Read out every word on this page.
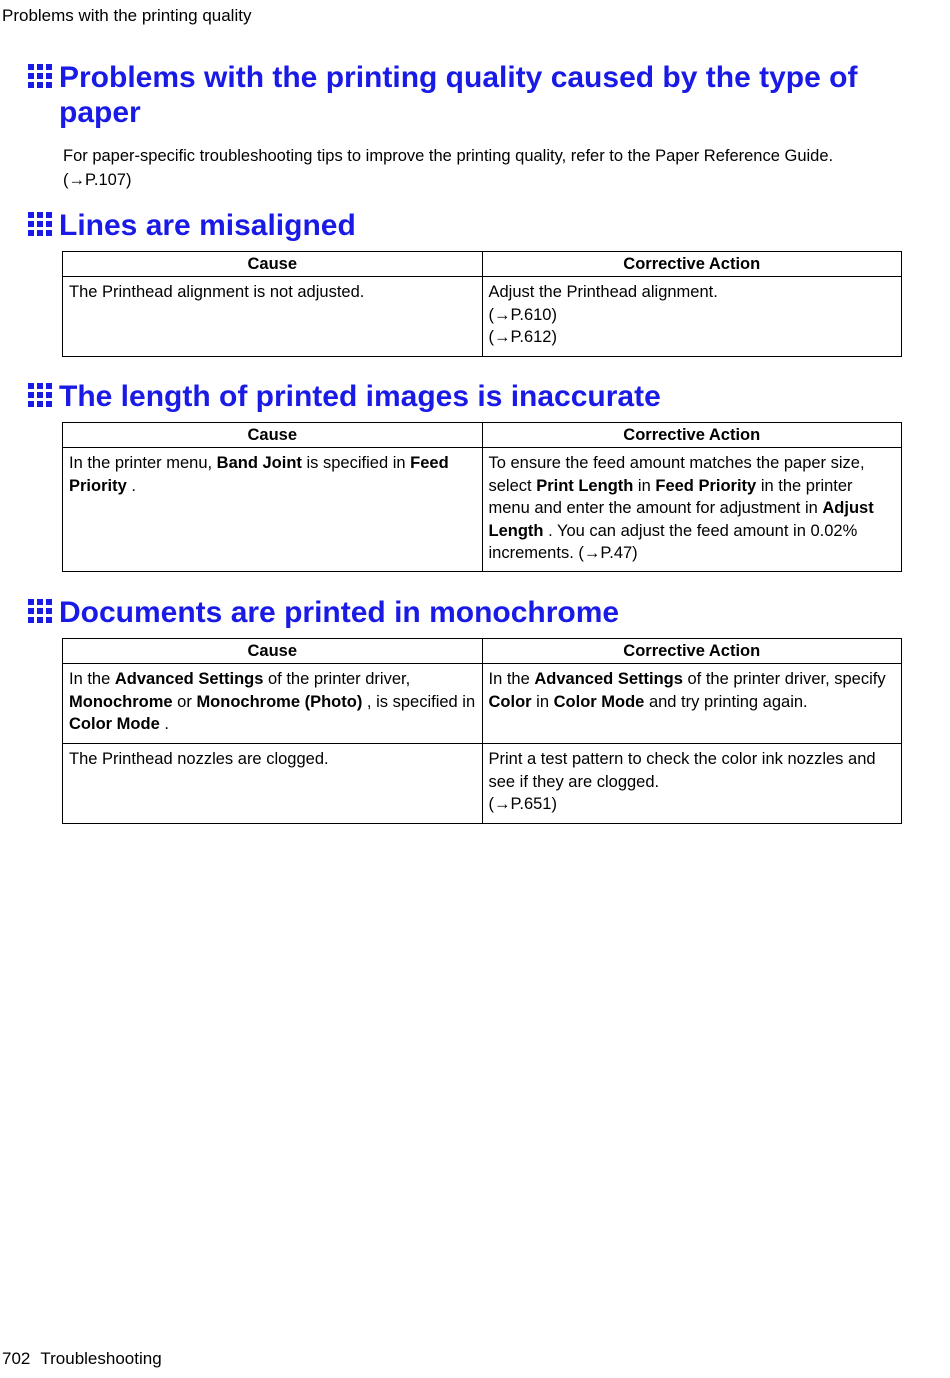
Problems with the printing quality
Problems with the printing quality caused by the type of paper

For paper-specific troubleshooting tips to improve the printing quality, refer to the Paper Reference Guide.
(→P.107)

Lines are misaligned
Cause	Corrective Action
The Printhead alignment is not adjusted.	Adjust the Printhead alignment.
(→P.610)
(→P.612)
The length of printed images is inaccurate
Cause	Corrective Action
In the printer menu, Band Joint is specified in Feed Priority .	To ensure the feed amount matches the paper size, select Print Length in Feed Priority in the printer menu and enter the amount for adjustment in Adjust Length . You can adjust the feed amount in 0.02% increments. (→P.47)
Documents are printed in monochrome
Cause	Corrective Action
In the Advanced Settings of the printer driver, Monochrome or Monochrome (Photo) , is specified in Color Mode .	In the Advanced Settings of the printer driver, specify Color in Color Mode and try printing again.
The Printhead nozzles are clogged.	Print a test pattern to check the color ink nozzles and see if they are clogged.
(→P.651)
702 Troubleshooting
